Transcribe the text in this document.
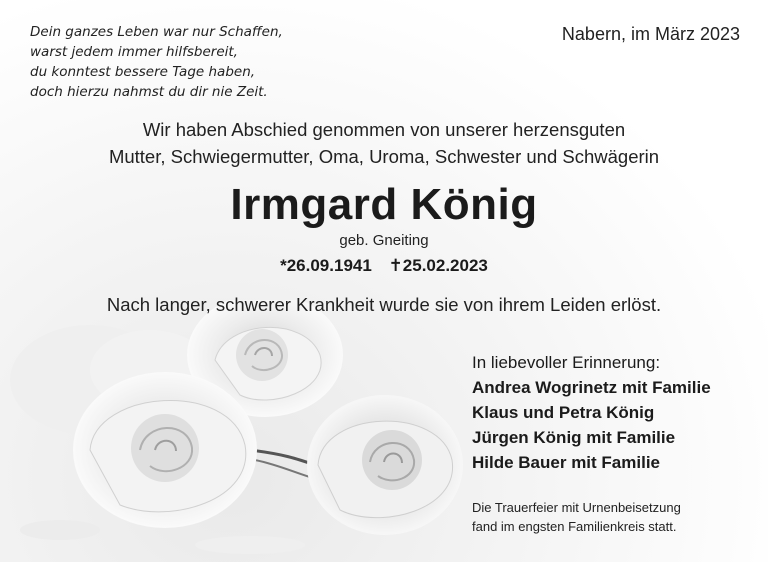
Dein ganzes Leben war nur Schaffen,
warst jedem immer hilfsbereit,
du konntest bessere Tage haben,
doch hierzu nahmst du dir nie Zeit.
Nabern, im März 2023
Wir haben Abschied genommen von unserer herzensguten
Mutter, Schwiegermutter, Oma, Uroma, Schwester und Schwägerin
Irmgard König
geb. Gneiting
*26.09.1941 ✝25.02.2023
Nach langer, schwerer Krankheit wurde sie von ihrem Leiden erlöst.
In liebevoller Erinnerung:
Andrea Wogrinetz mit Familie
Klaus und Petra König
Jürgen König mit Familie
Hilde Bauer mit Familie
Die Trauerfeier mit Urnenbeisetzung
fand im engsten Familienkreis statt.
